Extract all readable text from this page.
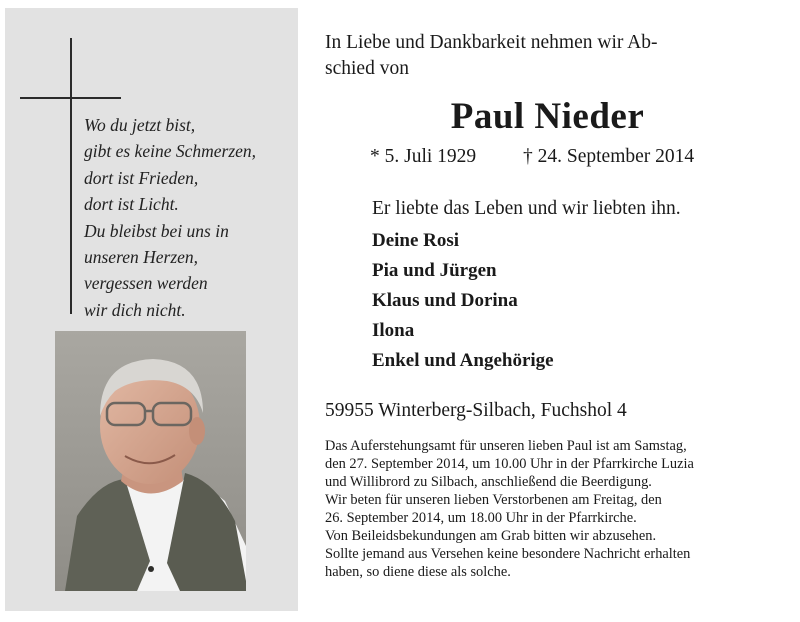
Wo du jetzt bist,
gibt es keine Schmerzen,
dort ist Frieden,
dort ist Licht.
Du bleibst bei uns in
unseren Herzen,
vergessen werden
wir dich nicht.
In Liebe und Dankbarkeit nehmen wir Ab-
schied von
Paul Nieder
* 5. Juli 1929 † 24. September 2014
Er liebte das Leben und wir liebten ihn.
Deine Rosi
Pia und Jürgen
Klaus und Dorina
Ilona
Enkel und Angehörige
59955 Winterberg-Silbach, Fuchshol 4
Das Auferstehungsamt für unseren lieben Paul ist am Samstag,
den 27. September 2014, um 10.00 Uhr in der Pfarrkirche Luzia
und Willibrord zu Silbach, anschließend die Beerdigung.
Wir beten für unseren lieben Verstorbenen am Freitag, den
26. September 2014, um 18.00 Uhr in der Pfarrkirche.
Von Beileidsbekundungen am Grab bitten wir abzusehen.
Sollte jemand aus Versehen keine besondere Nachricht erhalten
haben, so diene diese als solche.
